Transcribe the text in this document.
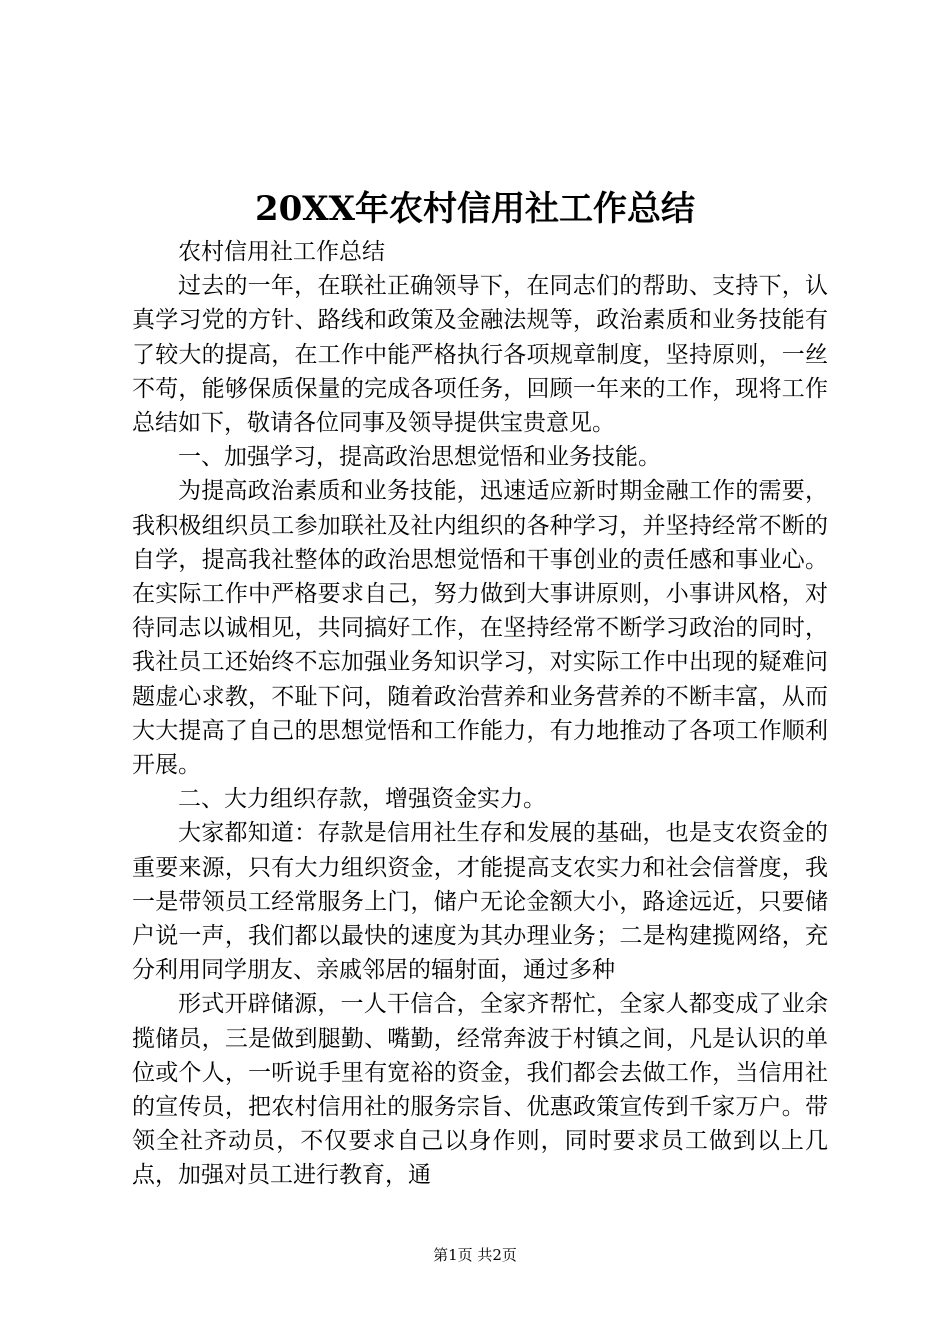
20XX年农村信用社工作总结

农村信用社工作总结

过去的一年，在联社正确领导下，在同志们的帮助、支持下，认真学习党的方针、路线和政策及金融法规等，政治素质和业务技能有了较大的提高，在工作中能严格执行各项规章制度，坚持原则，一丝不苟，能够保质保量的完成各项任务，回顾一年来的工作，现将工作总结如下，敬请各位同事及领导提供宝贵意见。

一、加强学习，提高政治思想觉悟和业务技能。

为提高政治素质和业务技能，迅速适应新时期金融工作的需要，我积极组织员工参加联社及社内组织的各种学习，并坚持经常不断的自学，提高我社整体的政治思想觉悟和干事创业的责任感和事业心。在实际工作中严格要求自己，努力做到大事讲原则，小事讲风格，对待同志以诚相见，共同搞好工作，在坚持经常不断学习政治的同时，我社员工还始终不忘加强业务知识学习，对实际工作中出现的疑难问题虚心求教，不耻下问，随着政治营养和业务营养的不断丰富，从而大大提高了自己的思想觉悟和工作能力，有力地推动了各项工作顺利开展。

二、大力组织存款，增强资金实力。

大家都知道：存款是信用社生存和发展的基础，也是支农资金的重要来源，只有大力组织资金，才能提高支农实力和社会信誉度，我一是带领员工经常服务上门，储户无论金额大小，路途远近，只要储户说一声，我们都以最快的速度为其办理业务；二是构建揽网络，充分利用同学朋友、亲戚邻居的辐射面，通过多种

形式开辟储源，一人干信合，全家齐帮忙，全家人都变成了业余揽储员，三是做到腿勤、嘴勤，经常奔波于村镇之间，凡是认识的单位或个人，一听说手里有宽裕的资金，我们都会去做工作，当信用社的宣传员，把农村信用社的服务宗旨、优惠政策宣传到千家万户。带领全社齐动员，不仅要求自己以身作则，同时要求员工做到以上几点，加强对员工进行教育，通

第1页 共2页
